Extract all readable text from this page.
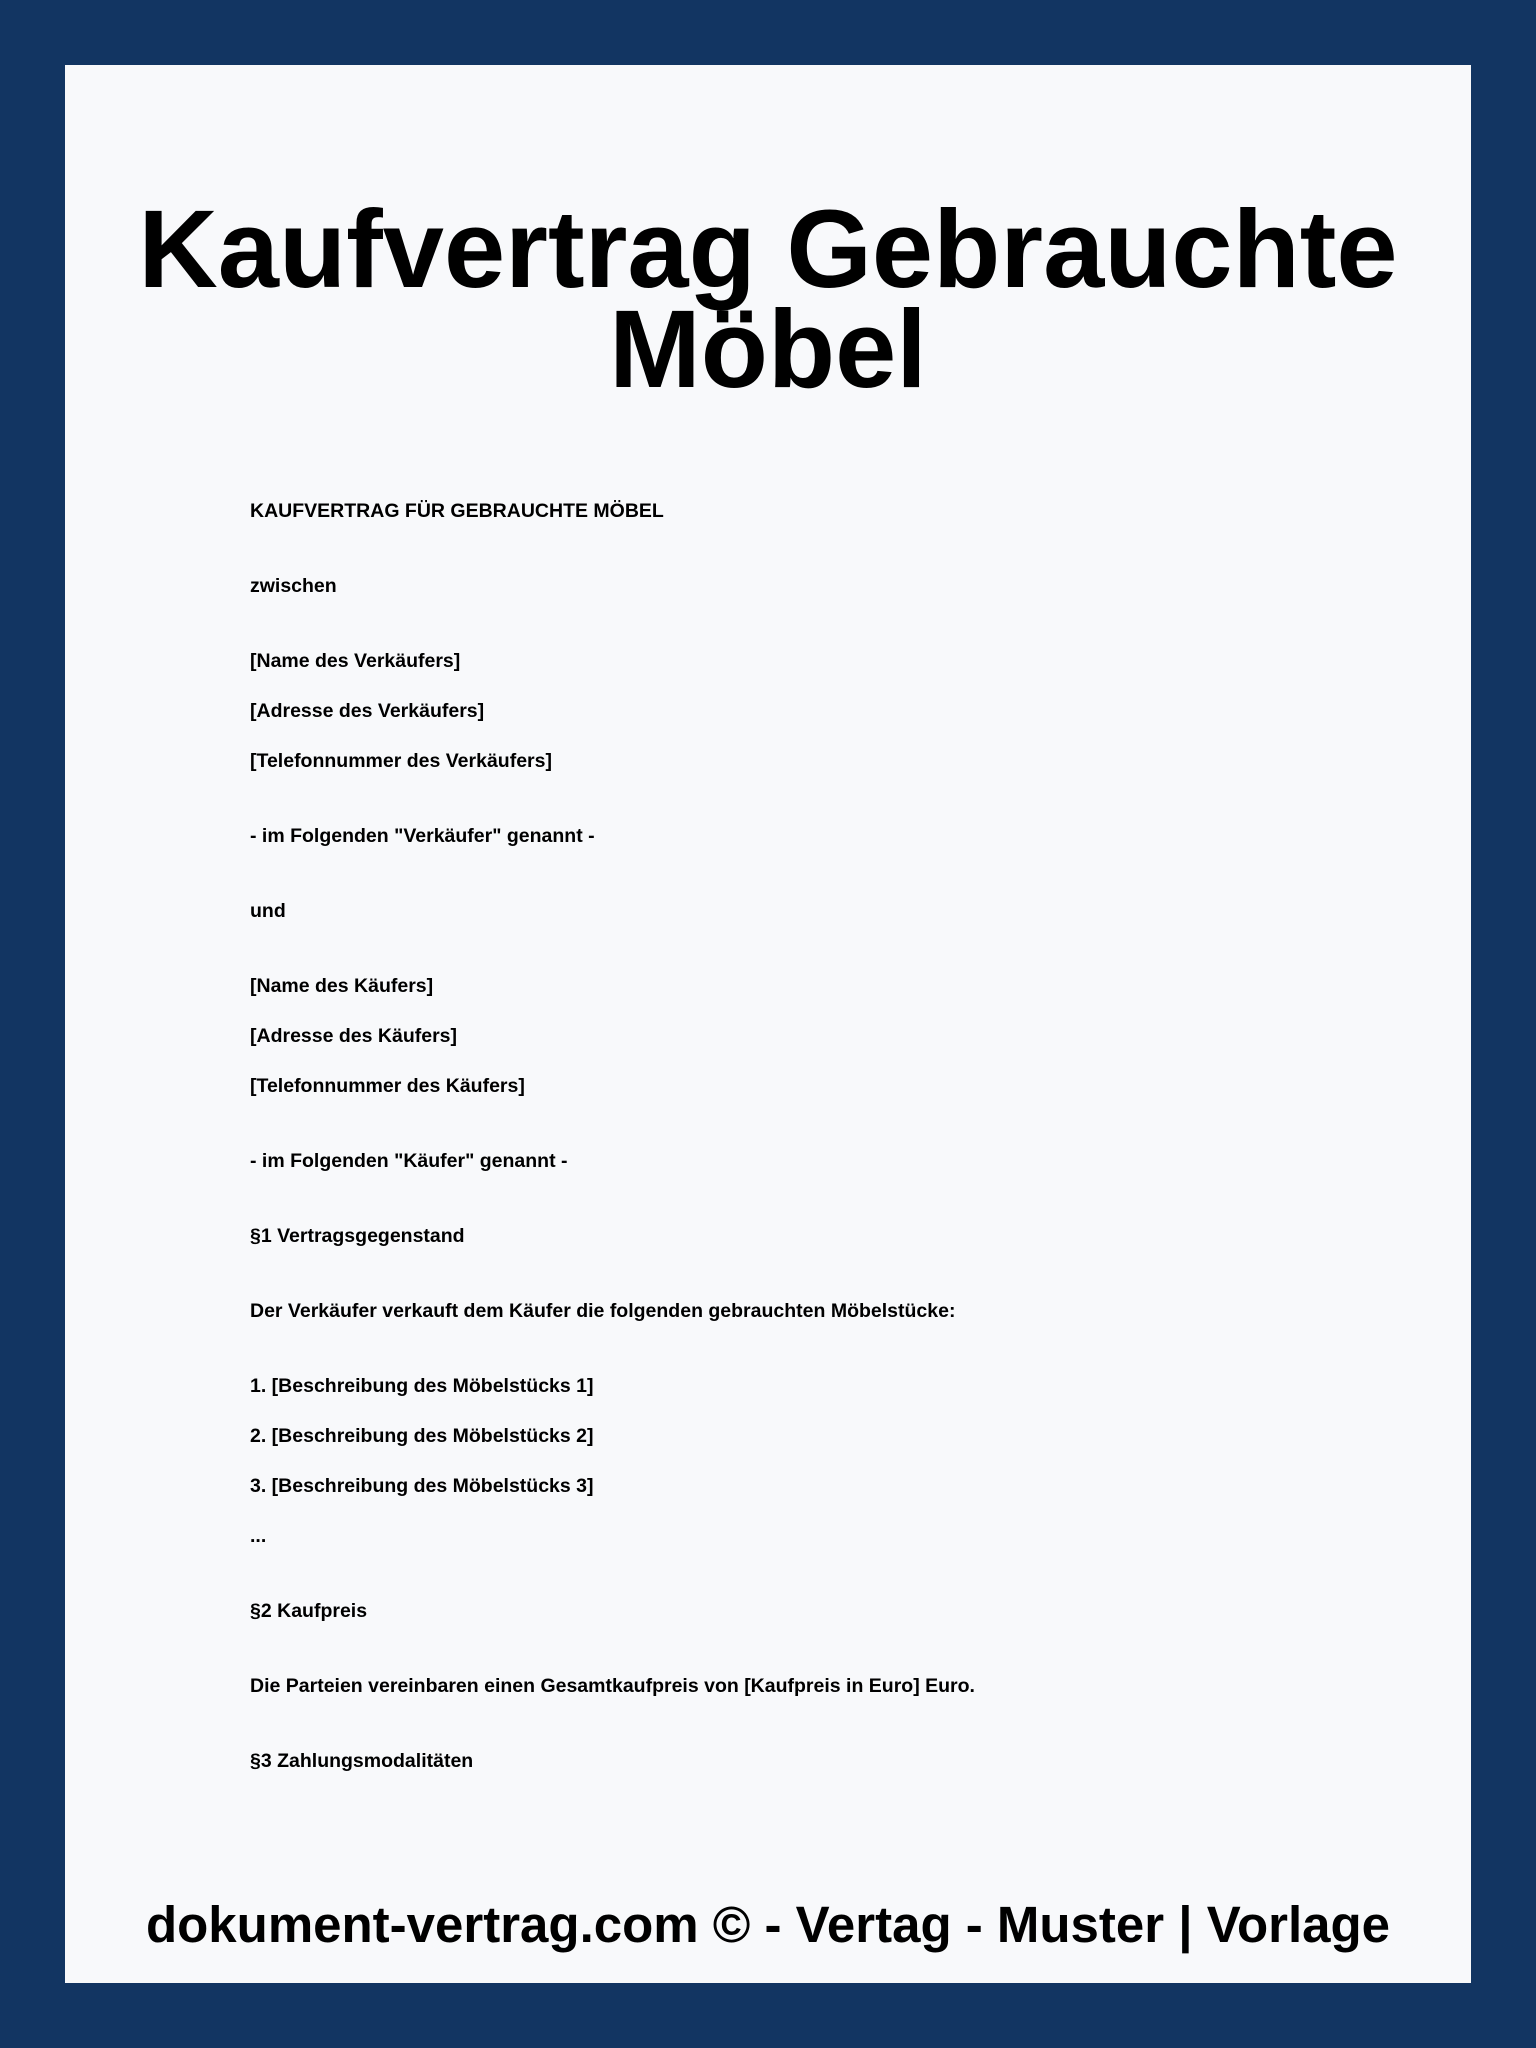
Kaufvertrag Gebrauchte Möbel
KAUFVERTRAG FÜR GEBRAUCHTE MÖBEL
zwischen
[Name des Verkäufers]
[Adresse des Verkäufers]
[Telefonnummer des Verkäufers]
- im Folgenden "Verkäufer" genannt -
und
[Name des Käufers]
[Adresse des Käufers]
[Telefonnummer des Käufers]
- im Folgenden "Käufer" genannt -
§1 Vertragsgegenstand
Der Verkäufer verkauft dem Käufer die folgenden gebrauchten Möbelstücke:
1. [Beschreibung des Möbelstücks 1]
2. [Beschreibung des Möbelstücks 2]
3. [Beschreibung des Möbelstücks 3]
...
§2 Kaufpreis
Die Parteien vereinbaren einen Gesamtkaufpreis von [Kaufpreis in Euro] Euro.
§3 Zahlungsmodalitäten
dokument-vertrag.com © - Vertag - Muster | Vorlage
